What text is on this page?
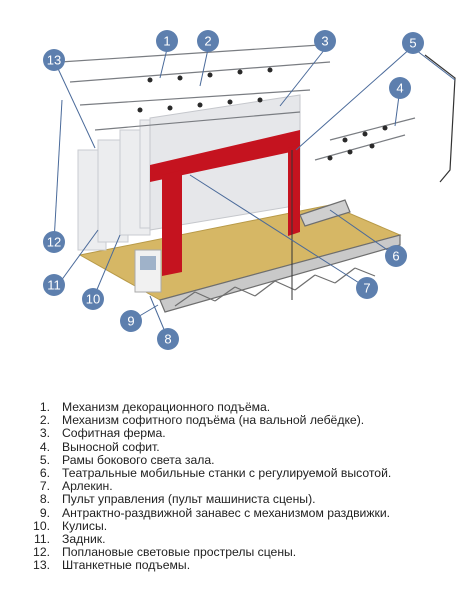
1	2	3
4
5
6
7
8
9
10
11
12
13
1. Механизм декорационного подъёма.
2. Механизм софитного подъёма (на вальной лебёдке).
3. Софитная ферма.
4. Выносной софит.
5. Рамы бокового света зала.
6. Театральные мобильные станки с регулируемой высотой.
7. Арлекин.
8. Пульт управления (пульт машиниста сцены).
9. Антрактно-раздвижной занавес с механизмом раздвижки.
10. Кулисы.
11. Задник.
12. Поплановые световые прострелы сцены.
13. Штанкетные подъемы.
